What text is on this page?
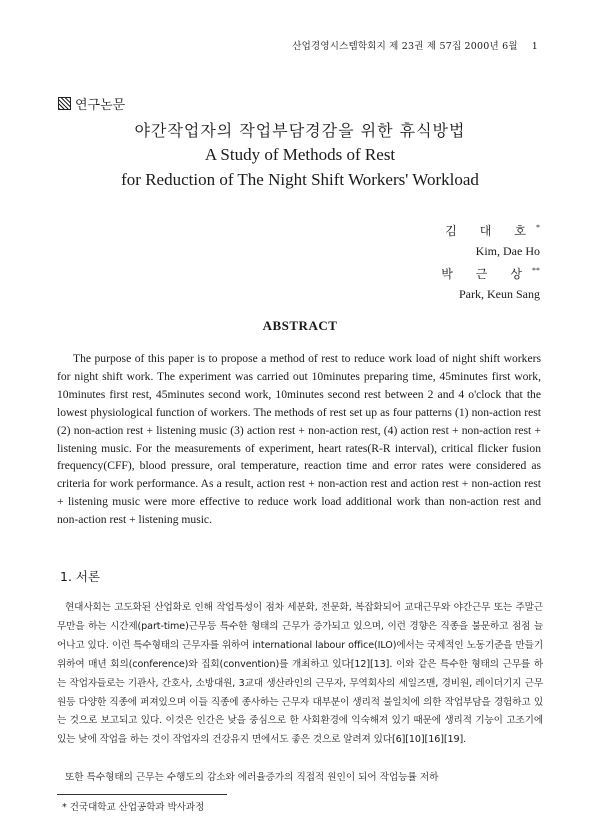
산업경영시스템학회지 제 23권 제 57집 2000년 6월 1
연구논문
야간작업자의 작업부담경감을 위한 휴식방법
A Study of Methods of Rest
for Reduction of The Night Shift Workers' Workload
김 대 호*
Kim, Dae Ho
박 근 상**
Park, Keun Sang
ABSTRACT

The purpose of this paper is to propose a method of rest to reduce work load of night shift workers for night shift work. The experiment was carried out 10minutes preparing time, 45minutes first work, 10minutes first rest, 45minutes second work, 10minutes second rest between 2 and 4 o'clock that the lowest physiological function of workers. The methods of rest set up as four patterns (1) non-action rest (2) non-action rest + listening music (3) action rest + non-action rest, (4) action rest + non-action rest + listening music. For the measurements of experiment, heart rates(R-R interval), critical flicker fusion frequency(CFF), blood pressure, oral temperature, reaction time and error rates were considered as criteria for work performance. As a result, action rest + non-action rest and action rest + non-action rest + listening music were more effective to reduce work load additional work than non-action rest and non-action rest + listening music.

1. 서론

현대사회는 고도화된 산업화로 인해 작업특성이 점차 세분화, 전문화, 복잡화되어 교대근무와 야간근무 또는 주말근무만을 하는 시간제(part-time)근무등 특수한 형태의 근무가 증가되고 있으며, 이런 경향은 직종을 불문하고 점점 늘어나고 있다. 이런 특수형태의 근무자를 위하여 international labour office(ILO)에서는 국제적인 노동기준을 만들기 위하여 매년 회의(conference)와 집회(convention)를 개최하고 있다[12][13]. 이와 같은 특수한 형태의 근무를 하는 작업자들로는 기관사, 간호사, 소방대원, 3교대 생산라인의 근무자, 무역회사의 세일즈맨, 경비원, 레이더기지 근무원등 다양한 직종에 퍼져있으며 이들 직종에 종사하는 근무자 대부분이 생리적 불일치에 의한 작업부담을 경험하고 있는 것으로 보고되고 있다. 이것은 인간은 낮을 중심으로 한 사회환경에 익숙해져 있기 때문에 생리적 기능이 고조기에 있는 낮에 작업을 하는 것이 작업자의 건강유지 면에서도 좋은 것으로 알려져 있다[6][10][16][19].

또한 특수형태의 근무는 수행도의 감소와 에러율증가의 직접적 원인이 되어 작업능률 저하

* 건국대학교 산업공학과 박사과정
